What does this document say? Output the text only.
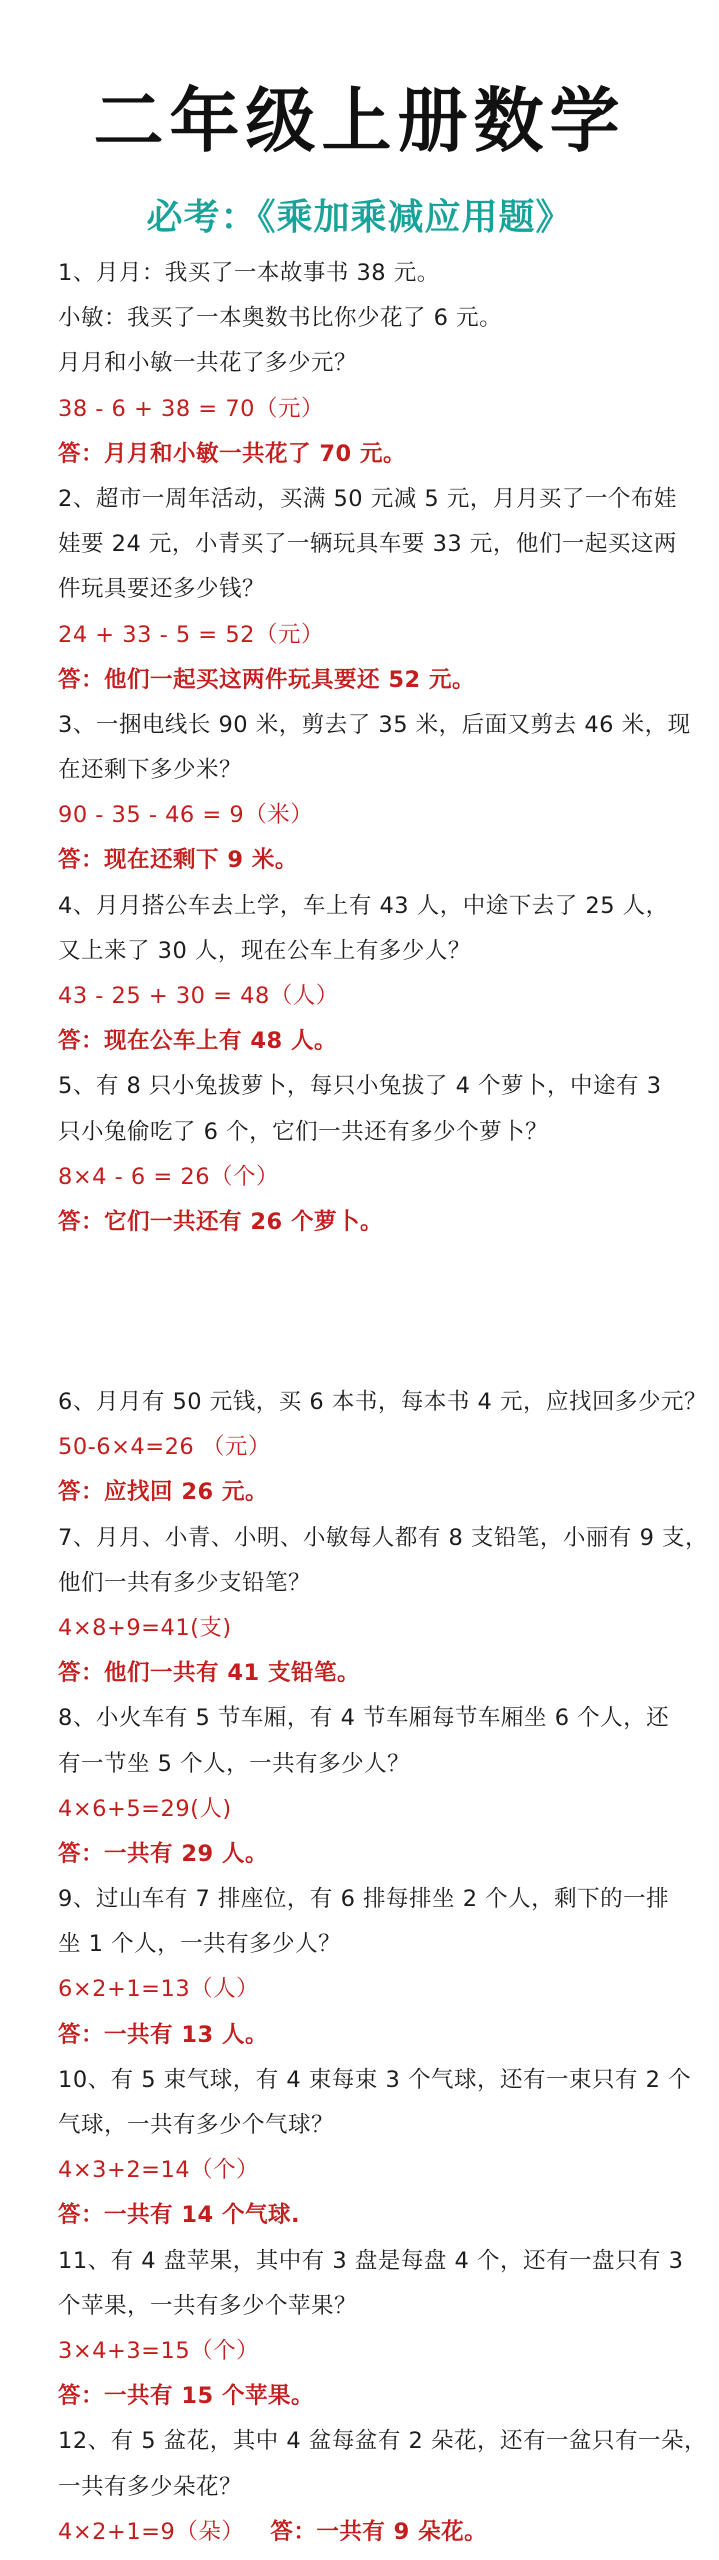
二年级上册数学
必考：《乘加乘减应用题》
1、月月：我买了一本故事书 38 元。
小敏：我买了一本奥数书比你少花了 6 元。
月月和小敏一共花了多少元？
38 - 6 + 38 = 70（元）
答：月月和小敏一共花了 70 元。
2、超市一周年活动，买满 50 元减 5 元，月月买了一个布娃
娃要 24 元，小青买了一辆玩具车要 33 元，他们一起买这两
件玩具要还多少钱？
24 + 33 - 5 = 52（元）
答：他们一起买这两件玩具要还 52 元。
3、一捆电线长 90 米，剪去了 35 米，后面又剪去 46 米，现
在还剩下多少米？
90 - 35 - 46 = 9（米）
答：现在还剩下 9 米。
4、月月搭公车去上学，车上有 43 人，中途下去了 25 人，
又上来了 30 人，现在公车上有多少人？
43 - 25 + 30 = 48（人）
答：现在公车上有 48 人。
5、有 8 只小兔拔萝卜，每只小兔拔了 4 个萝卜，中途有 3
只小兔偷吃了 6 个，它们一共还有多少个萝卜？
8×4 - 6 = 26（个）
答：它们一共还有 26 个萝卜。
6、月月有 50 元钱，买 6 本书，每本书 4 元，应找回多少元？
50-6×4=26 （元）
答：应找回 26 元。
7、月月、小青、小明、小敏每人都有 8 支铅笔，小丽有 9 支，
他们一共有多少支铅笔？
4×8+9=41(支)
答：他们一共有 41 支铅笔。
8、小火车有 5 节车厢，有 4 节车厢每节车厢坐 6 个人，还
有一节坐 5 个人，一共有多少人？
4×6+5=29(人)
答：一共有 29 人。
9、过山车有 7 排座位，有 6 排每排坐 2 个人，剩下的一排
坐 1 个人，一共有多少人？
6×2+1=13（人）
答：一共有 13 人。
10、有 5 束气球，有 4 束每束 3 个气球，还有一束只有 2 个
气球，一共有多少个气球？
4×3+2=14（个）
答：一共有 14 个气球.
11、有 4 盘苹果，其中有 3 盘是每盘 4 个，还有一盘只有 3
个苹果，一共有多少个苹果？
3×4+3=15（个）
答：一共有 15 个苹果。
12、有 5 盆花，其中 4 盆每盆有 2 朵花，还有一盆只有一朵，
一共有多少朵花？
4×2+1=9（朵） 答：一共有 9 朵花。
